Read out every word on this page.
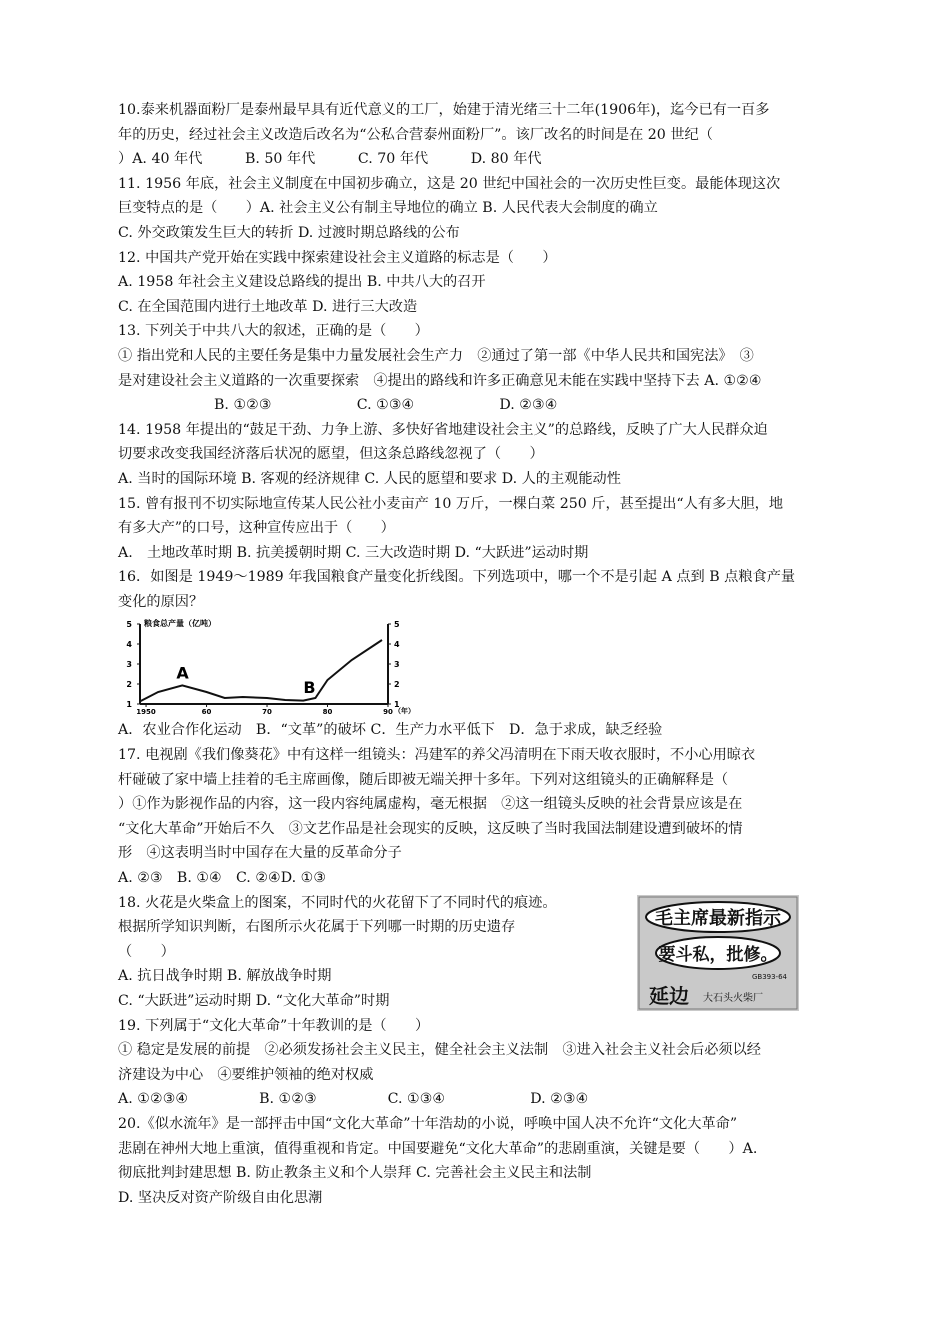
10.泰来机器面粉厂是泰州最早具有近代意义的工厂，始建于清光绪三十二年(1906年)，迄今已有一百多
年的历史，经过社会主义改造后改名为“公私合营泰州面粉厂”。该厂改名的时间是在 20 世纪（
）A. 40 年代　　　B. 50 年代　　　C. 70 年代　　　D. 80 年代
11. 1956 年底，社会主义制度在中国初步确立，这是 20 世纪中国社会的一次历史性巨变。最能体现这次
巨变特点的是（　　）A. 社会主义公有制主导地位的确立 B. 人民代表大会制度的确立
C. 外交政策发生巨大的转折 D. 过渡时期总路线的公布
12. 中国共产党开始在实践中探索建设社会主义道路的标志是（　　）
A. 1958 年社会主义建设总路线的提出 B. 中共八大的召开
C. 在全国范围内进行土地改革 D. 进行三大改造
13. 下列关于中共八大的叙述，正确的是（　　）
① 指出党和人民的主要任务是集中力量发展社会生产力　②通过了第一部《中华人民共和国宪法》　③
是对建设社会主义道路的一次重要探索　④提出的路线和许多正确意见未能在实践中坚持下去 A. ①②④
B. ①②③　　　　　　C. ①③④　　　　　　D. ②③④
14. 1958 年提出的“鼓足干劲、力争上游、多快好省地建设社会主义”的总路线，反映了广大人民群众迫
切要求改变我国经济落后状况的愿望，但这条总路线忽视了（　　）
A. 当时的国际环境 B. 客观的经济规律 C. 人民的愿望和要求 D. 人的主观能动性
15. 曾有报刊不切实际地宣传某人民公社小麦亩产 10 万斤，一棵白菜 250 斤，甚至提出“人有多大胆，地
有多大产”的口号，这种宣传应出于（　　）
A.　土地改革时期 B. 抗美援朝时期 C. 三大改造时期 D. “大跃进”运动时期
16．如图是 1949～1989 年我国粮食产量变化折线图。下列选项中，哪一个不是引起 A 点到 B 点粮食产量
变化的原因？
粮食总产量（亿吨）
（年）
1	1
2	2
3	3
4	4
5	5
1950	60	70	80	90
A
B
A．农业合作化运动　B．“文革”的破坏 C．生产力水平低下　D．急于求成，缺乏经验
17. 电视剧《我们像葵花》中有这样一组镜头：冯建军的养父冯清明在下雨天收衣服时，不小心用晾衣
杆碰破了家中墙上挂着的毛主席画像，随后即被无端关押十多年。下列对这组镜头的正确解释是（
）①作为影视作品的内容，这一段内容纯属虚构，毫无根据　②这一组镜头反映的社会背景应该是在
“文化大革命”开始后不久　③文艺作品是社会现实的反映，这反映了当时我国法制建设遭到破坏的情
形　④这表明当时中国存在大量的反革命分子
A. ②③　B. ①④　C. ②④D. ①③
18. 火花是火柴盒上的图案，不同时代的火花留下了不同时代的痕迹。
根据所学知识判断，右图所示火花属于下列哪一时期的历史遗存
（　　）
A. 抗日战争时期 B. 解放战争时期
C. “大跃进”运动时期 D. “文化大革命”时期
毛主席最新指示
要斗私，批修。
GB393-64
延边 大石头火柴厂
19. 下列属于“文化大革命”十年教训的是（　　）
① 稳定是发展的前提　②必须发扬社会主义民主，健全社会主义法制　③进入社会主义社会后必须以经
济建设为中心　④要维护领袖的绝对权威
A. ①②③④　　　　　B. ①②③　　　　　C. ①③④　　　　　　D. ②③④
20.《似水流年》是一部抨击中国“文化大革命”十年浩劫的小说，呼唤中国人决不允许“文化大革命”
悲剧在神州大地上重演，值得重视和肯定。中国要避免“文化大革命”的悲剧重演，关键是要（　　）A.
彻底批判封建思想 B. 防止教条主义和个人崇拜 C. 完善社会主义民主和法制
D. 坚决反对资产阶级自由化思潮
